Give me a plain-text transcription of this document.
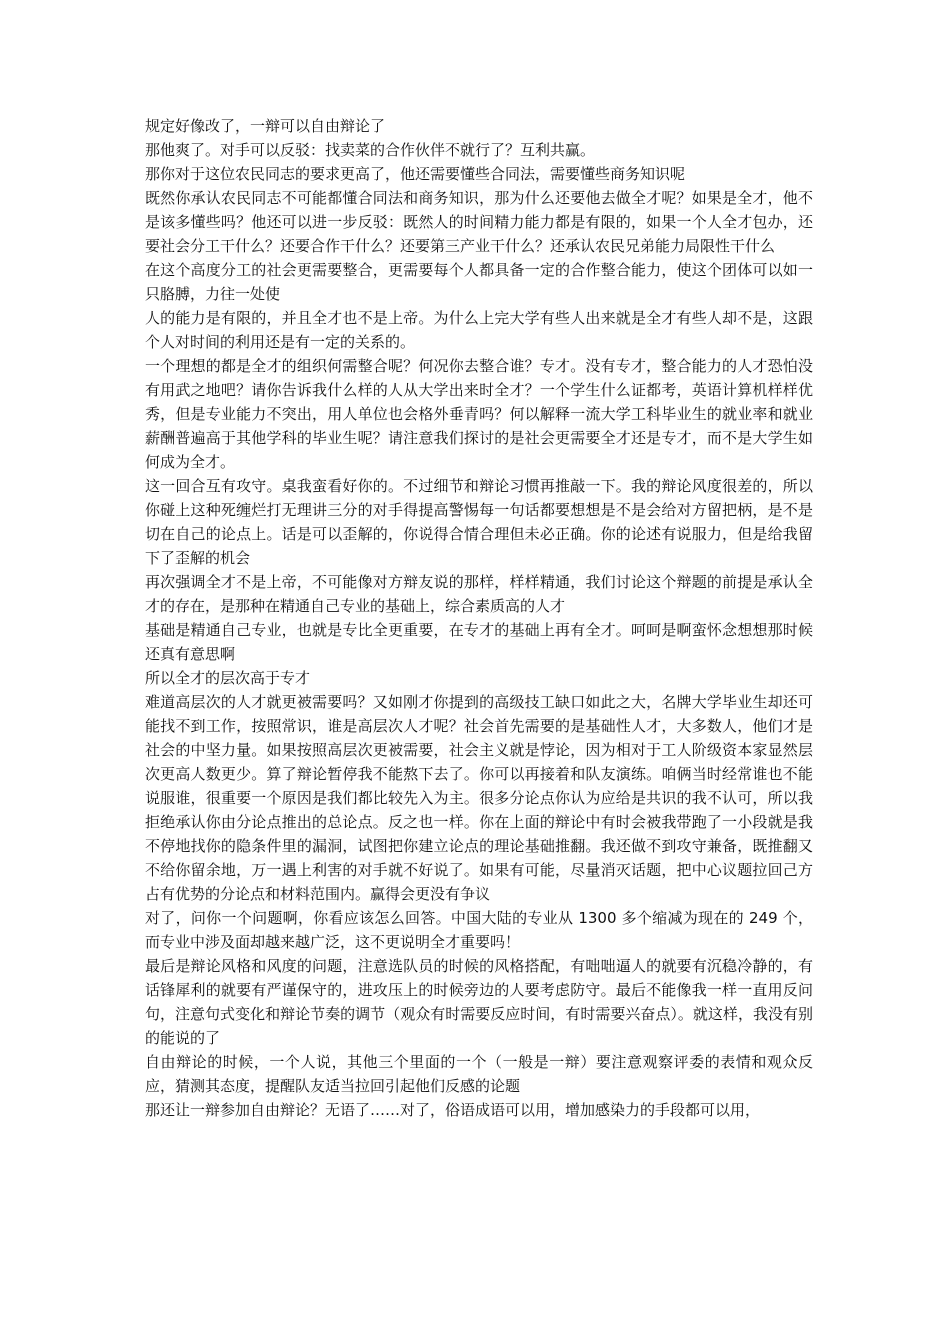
规定好像改了，一辩可以自由辩论了

那他爽了。对手可以反驳：找卖菜的合作伙伴不就行了？互利共赢。

那你对于这位农民同志的要求更高了，他还需要懂些合同法，需要懂些商务知识呢

既然你承认农民同志不可能都懂合同法和商务知识，那为什么还要他去做全才呢？如果是全才，他不是该多懂些吗？他还可以进一步反驳：既然人的时间精力能力都是有限的，如果一个人全才包办，还要社会分工干什么？还要合作干什么？还要第三产业干什么？还承认农民兄弟能力局限性干什么

在这个高度分工的社会更需要整合，更需要每个人都具备一定的合作整合能力，使这个团体可以如一只胳膊，力往一处使

人的能力是有限的，并且全才也不是上帝。为什么上完大学有些人出来就是全才有些人却不是，这跟个人对时间的利用还是有一定的关系的。

一个理想的都是全才的组织何需整合呢？何况你去整合谁？专才。没有专才，整合能力的人才恐怕没有用武之地吧？请你告诉我什么样的人从大学出来时全才？一个学生什么证都考，英语计算机样样优秀，但是专业能力不突出，用人单位也会格外垂青吗？何以解释一流大学工科毕业生的就业率和就业薪酬普遍高于其他学科的毕业生呢？请注意我们探讨的是社会更需要全才还是专才，而不是大学生如何成为全才。

这一回合互有攻守。桌我蛮看好你的。不过细节和辩论习惯再推敲一下。我的辩论风度很差的，所以你碰上这种死缠烂打无理讲三分的对手得提高警惕每一句话都要想想是不是会给对方留把柄，是不是切在自己的论点上。话是可以歪解的，你说得合情合理但未必正确。你的论述有说服力，但是给我留下了歪解的机会

再次强调全才不是上帝，不可能像对方辩友说的那样，样样精通，我们讨论这个辩题的前提是承认全才的存在，是那种在精通自己专业的基础上，综合素质高的人才

基础是精通自己专业，也就是专比全更重要，在专才的基础上再有全才。呵呵是啊蛮怀念想想那时候还真有意思啊

所以全才的层次高于专才

难道高层次的人才就更被需要吗？又如刚才你提到的高级技工缺口如此之大，名牌大学毕业生却还可能找不到工作，按照常识，谁是高层次人才呢？社会首先需要的是基础性人才，大多数人，他们才是社会的中坚力量。如果按照高层次更被需要，社会主义就是悖论，因为相对于工人阶级资本家显然层次更高人数更少。算了辩论暂停我不能熬下去了。你可以再接着和队友演练。咱俩当时经常谁也不能说服谁，很重要一个原因是我们都比较先入为主。很多分论点你认为应给是共识的我不认可，所以我拒绝承认你由分论点推出的总论点。反之也一样。你在上面的辩论中有时会被我带跑了一小段就是我不停地找你的隐条件里的漏洞，试图把你建立论点的理论基础推翻。我还做不到攻守兼备，既推翻又不给你留余地，万一遇上利害的对手就不好说了。如果有可能，尽量消灭话题，把中心议题拉回己方占有优势的分论点和材料范围内。赢得会更没有争议

对了，问你一个问题啊，你看应该怎么回答。中国大陆的专业从 1300 多个缩减为现在的 249 个，而专业中涉及面却越来越广泛，这不更说明全才重要吗！

最后是辩论风格和风度的问题，注意选队员的时候的风格搭配，有咄咄逼人的就要有沉稳冷静的，有话锋犀利的就要有严谨保守的，进攻压上的时候旁边的人要考虑防守。最后不能像我一样一直用反问句，注意句式变化和辩论节奏的调节（观众有时需要反应时间，有时需要兴奋点）。就这样，我没有别的能说的了

自由辩论的时候，一个人说，其他三个里面的一个（一般是一辩）要注意观察评委的表情和观众反应，猜测其态度，提醒队友适当拉回引起他们反感的论题

那还让一辩参加自由辩论？无语了……对了，俗语成语可以用，增加感染力的手段都可以用，
